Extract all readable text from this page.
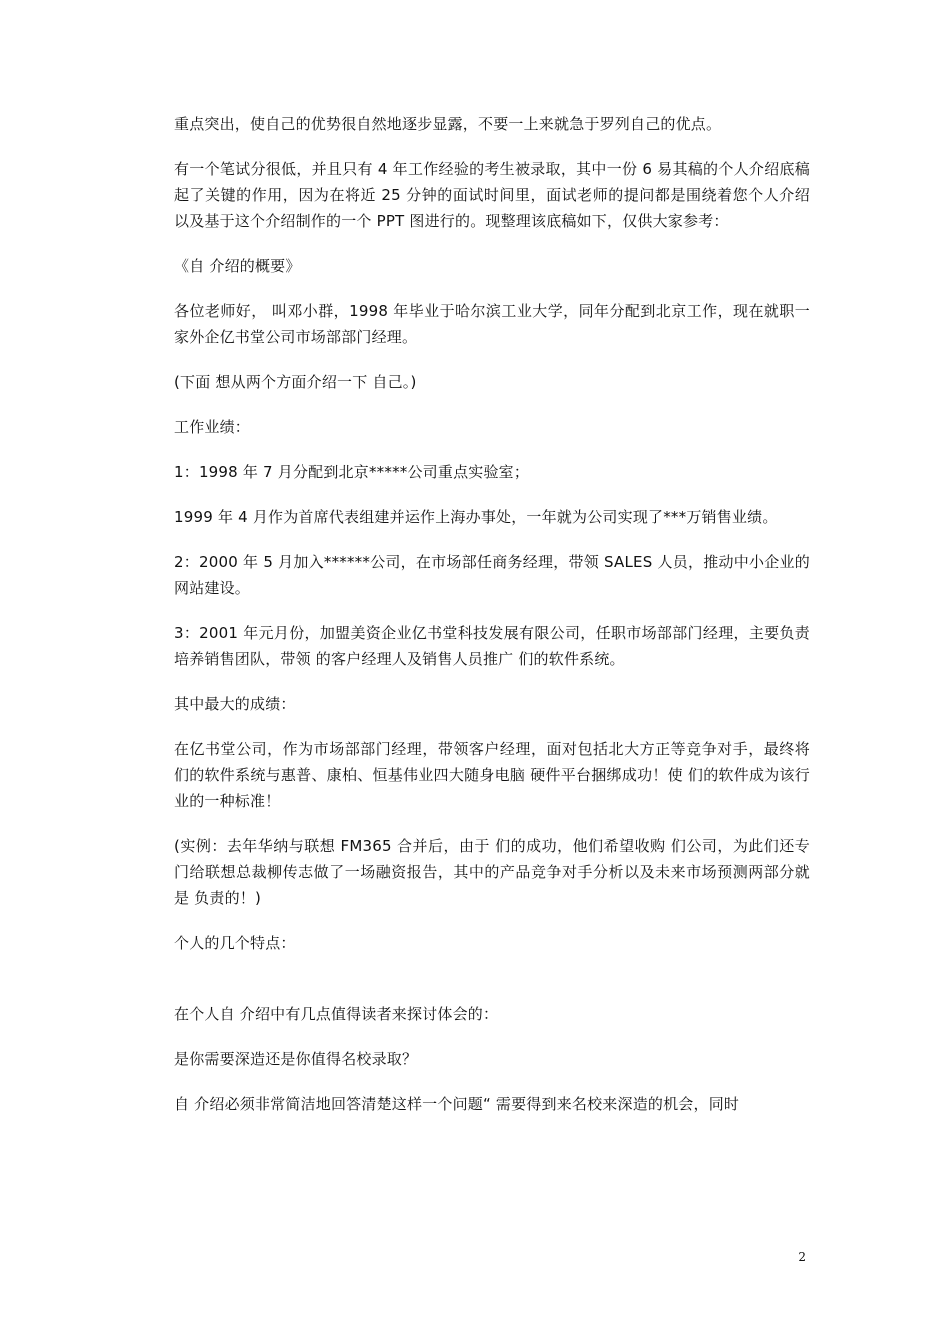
重点突出，使自己的优势很自然地逐步显露，不要一上来就急于罗列自己的优点。

有一个笔试分很低，并且只有 4 年工作经验的考生被录取，其中一份 6 易其稿的个人介绍底稿起了关键的作用，因为在将近 25 分钟的面试时间里，面试老师的提问都是围绕着您个人介绍以及基于这个介绍制作的一个 PPT 图进行的。现整理该底稿如下，仅供大家参考：

《自 介绍的概要》

各位老师好， 叫邓小群，1998 年毕业于哈尔滨工业大学，同年分配到北京工作，现在就职一家外企亿书堂公司市场部部门经理。

(下面 想从两个方面介绍一下 自己。)

工作业绩：

1：1998 年 7 月分配到北京*****公司重点实验室；

1999 年 4 月作为首席代表组建并运作上海办事处，一年就为公司实现了***万销售业绩。

2：2000 年 5 月加入******公司，在市场部任商务经理，带领 SALES 人员，推动中小企业的网站建设。

3：2001 年元月份，加盟美资企业亿书堂科技发展有限公司，任职市场部部门经理，主要负责培养销售团队，带领 的客户经理人及销售人员推广 们的软件系统。

其中最大的成绩：

在亿书堂公司，作为市场部部门经理，带领客户经理，面对包括北大方正等竞争对手，最终将 们的软件系统与惠普、康柏、恒基伟业四大随身电脑 硬件平台捆绑成功！使 们的软件成为该行业的一种标准！

(实例：去年华纳与联想 FM365 合并后，由于 们的成功，他们希望收购 们公司，为此们还专门给联想总裁柳传志做了一场融资报告，其中的产品竞争对手分析以及未来市场预测两部分就是 负责的！)

个人的几个特点：

在个人自 介绍中有几点值得读者来探讨体会的：

是你需要深造还是你值得名校录取？

自 介绍必须非常简洁地回答清楚这样一个问题“ 需要得到来名校来深造的机会，同时

2
